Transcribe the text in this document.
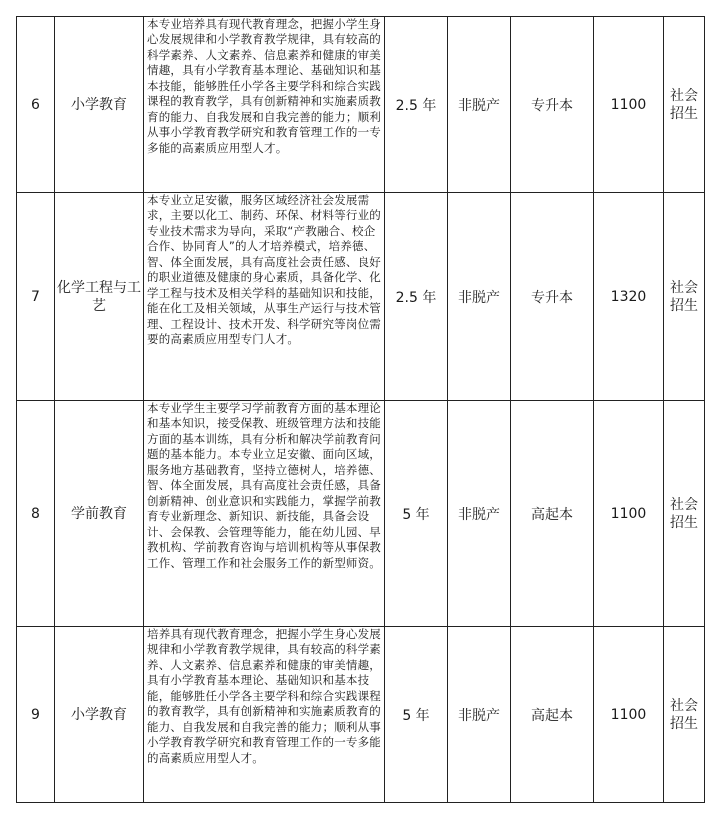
6	小学教育	本专业培养具有现代教育理念，把握小学生身心发展规律和小学教育教学规律，具有较高的科学素养、人文素养、信息素养和健康的审美情趣，具有小学教育基本理论、基础知识和基本技能，能够胜任小学各主要学科和综合实践课程的教育教学，具有创新精神和实施素质教育的能力、自我发展和自我完善的能力；顺利从事小学教育教学研究和教育管理工作的一专多能的高素质应用型人才。	2.5 年	非脱产	专升本	1100	社会招生
7	化学工程与工艺	本专业立足安徽，服务区域经济社会发展需求，主要以化工、制药、环保、材料等行业的专业技术需求为导向，采取“产教融合、校企合作、协同育人”的人才培养模式，培养德、智、体全面发展，具有高度社会责任感、良好的职业道德及健康的身心素质，具备化学、化学工程与技术及相关学科的基础知识和技能，能在化工及相关领域，从事生产运行与技术管理、工程设计、技术开发、科学研究等岗位需要的高素质应用型专门人才。	2.5 年	非脱产	专升本	1320	社会招生
8	学前教育	本专业学生主要学习学前教育方面的基本理论和基本知识，接受保教、班级管理方法和技能方面的基本训练，具有分析和解决学前教育问题的基本能力。本专业立足安徽、面向区域，服务地方基础教育，坚持立德树人，培养德、智、体全面发展，具有高度社会责任感，具备创新精神、创业意识和实践能力，掌握学前教育专业新理念、新知识、新技能，具备会设计、会保教、会管理等能力，能在幼儿园、早教机构、学前教育咨询与培训机构等从事保教工作、管理工作和社会服务工作的新型师资。	5 年	非脱产	高起本	1100	社会招生
9	小学教育	培养具有现代教育理念，把握小学生身心发展规律和小学教育教学规律，具有较高的科学素养、人文素养、信息素养和健康的审美情趣，具有小学教育基本理论、基础知识和基本技能，能够胜任小学各主要学科和综合实践课程的教育教学，具有创新精神和实施素质教育的能力、自我发展和自我完善的能力；顺利从事小学教育教学研究和教育管理工作的一专多能的高素质应用型人才。	5 年	非脱产	高起本	1100	社会招生
